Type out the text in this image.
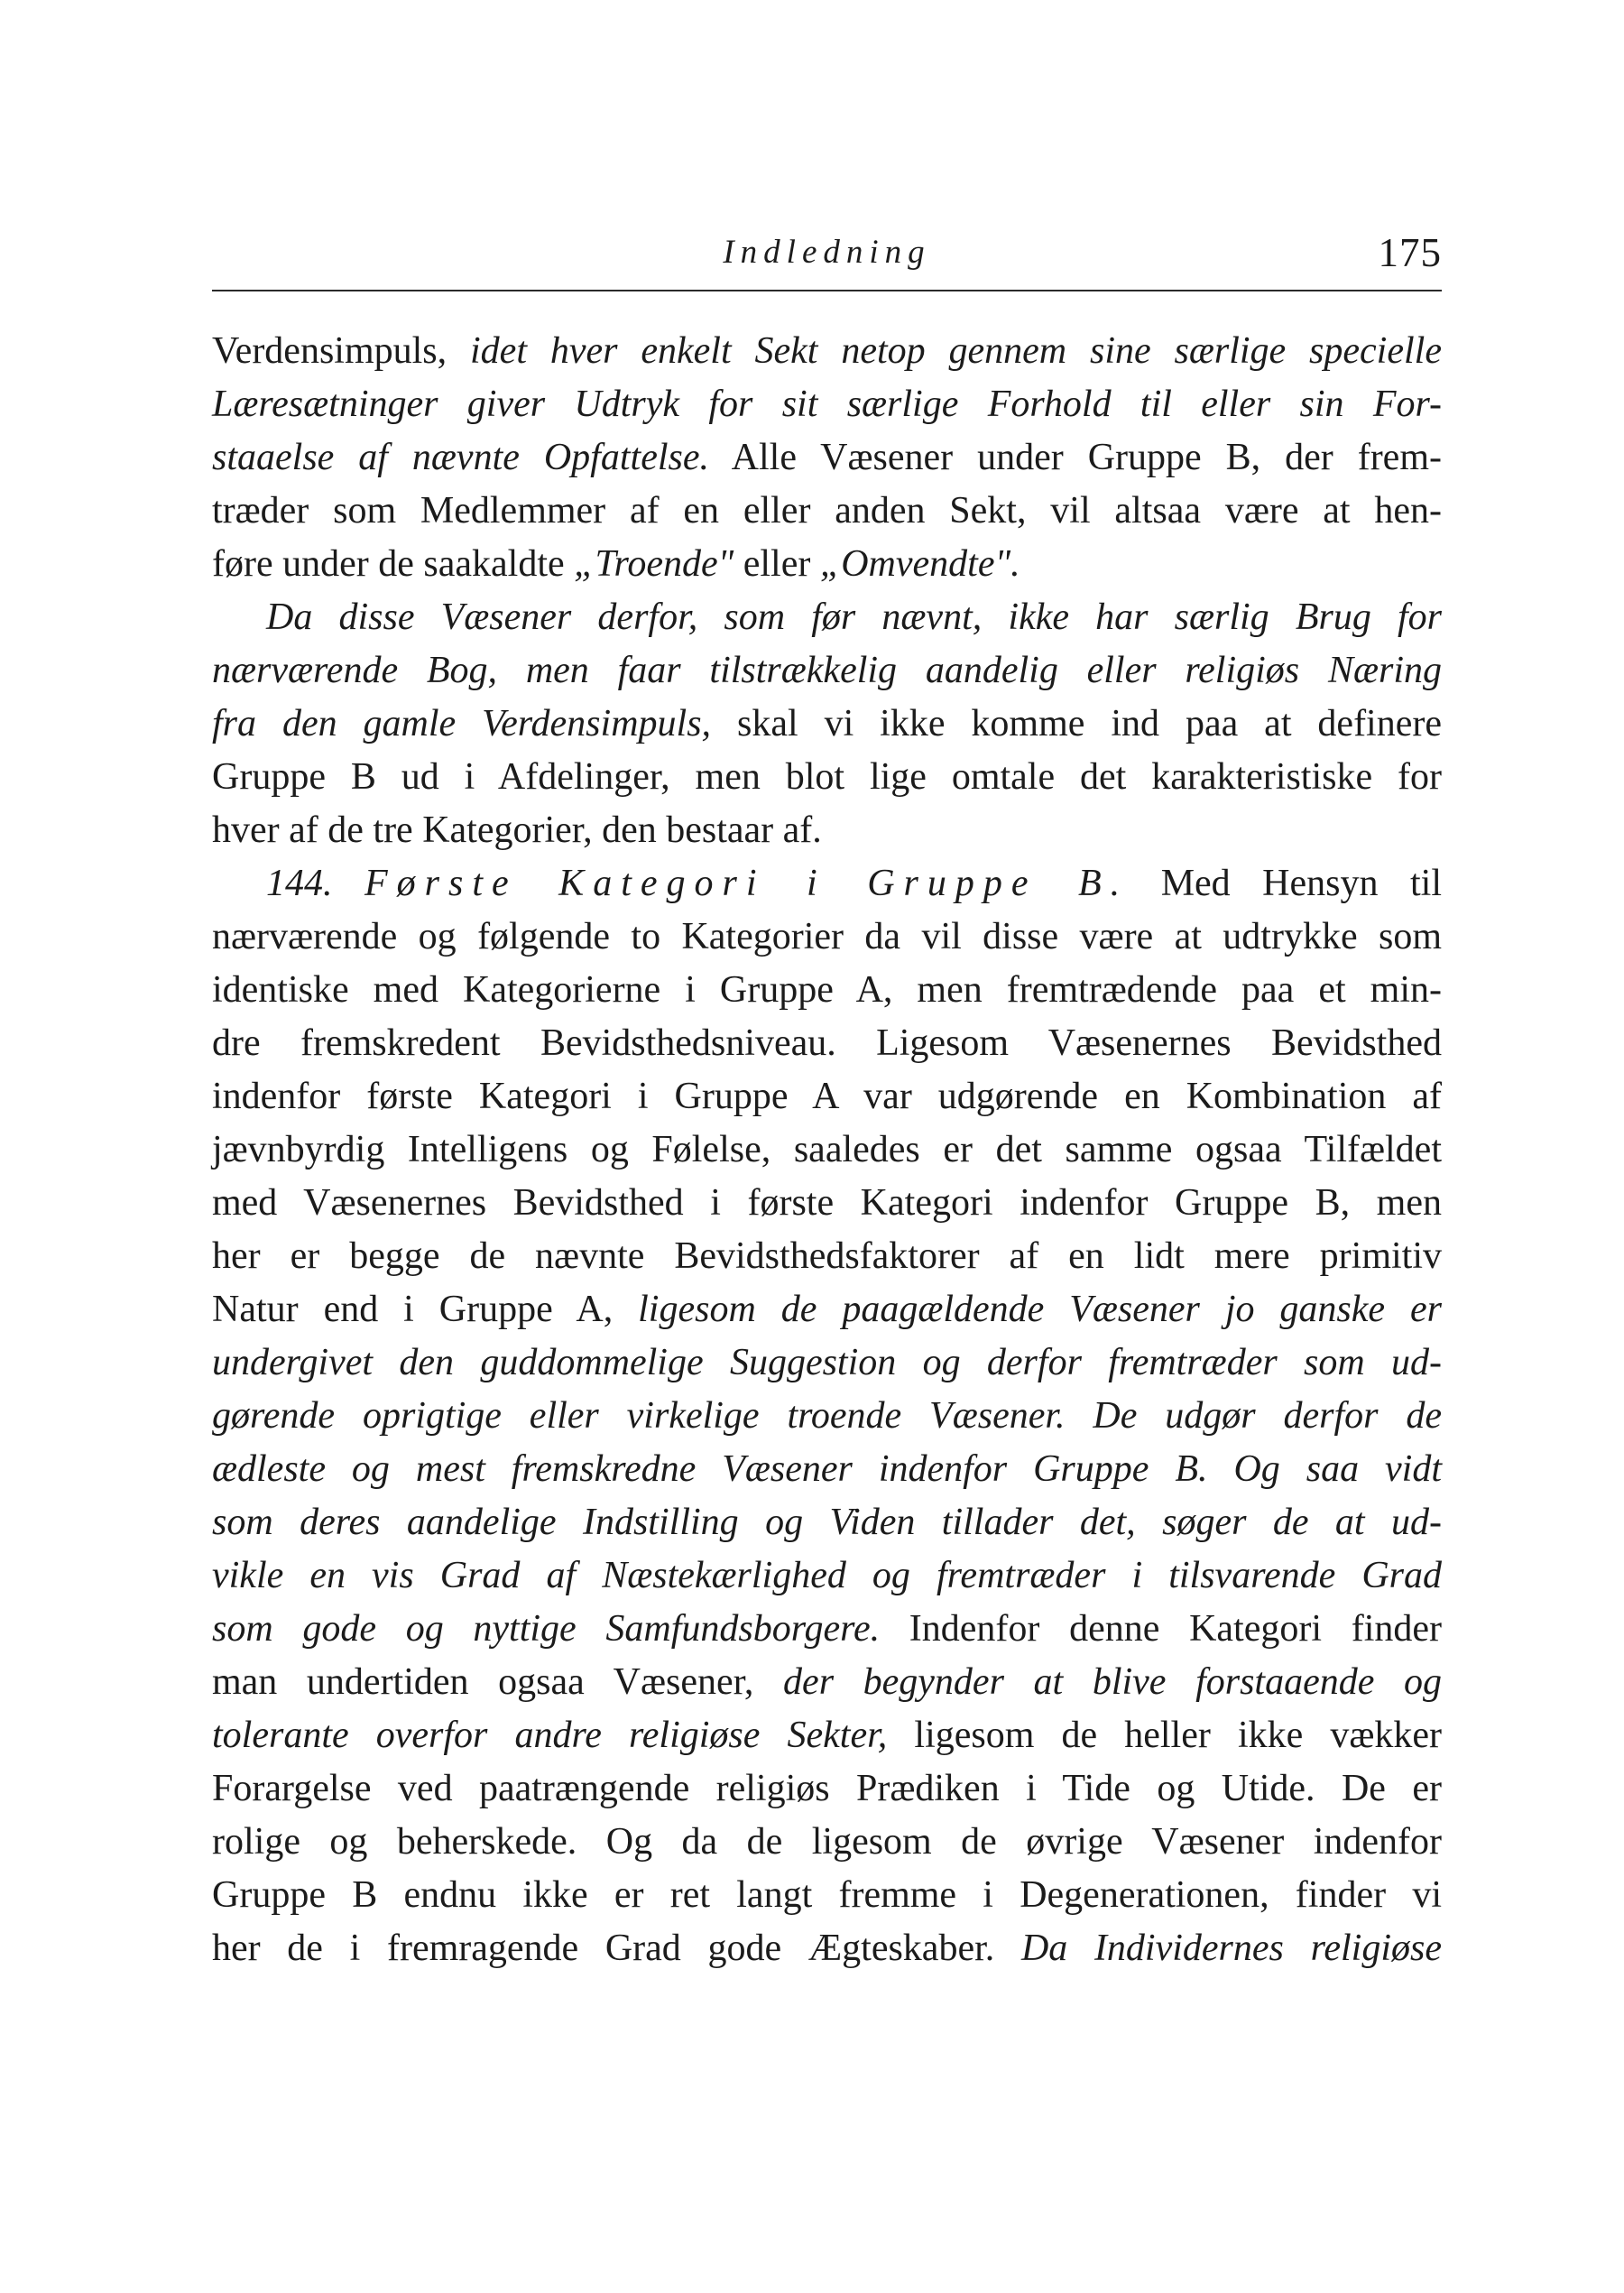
Indledning	175
Verdensimpuls, idet hver enkelt Sekt netop gennem sine særlige specielle
Læresætninger giver Udtryk for sit særlige Forhold til eller sin For-
staaelse af nævnte Opfattelse. Alle Væsener under Gruppe B, der frem-
træder som Medlemmer af en eller anden Sekt, vil altsaa være at hen-
føre under de saakaldte „Troende" eller „Omvendte".
Da disse Væsener derfor, som før nævnt, ikke har særlig Brug for
nærværende Bog, men faar tilstrækkelig aandelig eller religiøs Næring
fra den gamle Verdensimpuls, skal vi ikke komme ind paa at definere
Gruppe B ud i Afdelinger, men blot lige omtale det karakteristiske for
hver af de tre Kategorier, den bestaar af.
144. Første Kategori i Gruppe B. Med Hensyn til
nærværende og følgende to Kategorier da vil disse være at udtrykke som
identiske med Kategorierne i Gruppe A, men fremtrædende paa et min-
dre fremskredent Bevidsthedsniveau. Ligesom Væsenernes Bevidsthed
indenfor første Kategori i Gruppe A var udgørende en Kombination af
jævnbyrdig Intelligens og Følelse, saaledes er det samme ogsaa Tilfældet
med Væsenernes Bevidsthed i første Kategori indenfor Gruppe B, men
her er begge de nævnte Bevidsthedsfaktorer af en lidt mere primitiv
Natur end i Gruppe A, ligesom de paagældende Væsener jo ganske er
undergivet den guddommelige Suggestion og derfor fremtræder som ud-
gørende oprigtige eller virkelige troende Væsener. De udgør derfor de
ædleste og mest fremskredne Væsener indenfor Gruppe B. Og saa vidt
som deres aandelige Indstilling og Viden tillader det, søger de at ud-
vikle en vis Grad af Næstekærlighed og fremtræder i tilsvarende Grad
som gode og nyttige Samfundsborgere. Indenfor denne Kategori finder
man undertiden ogsaa Væsener, der begynder at blive forstaaende og
tolerante overfor andre religiøse Sekter, ligesom de heller ikke vækker
Forargelse ved paatrængende religiøs Prædiken i Tide og Utide. De er
rolige og beherskede. Og da de ligesom de øvrige Væsener indenfor
Gruppe B endnu ikke er ret langt fremme i Degenerationen, finder vi
her de i fremragende Grad gode Ægteskaber. Da Individernes religiøse
